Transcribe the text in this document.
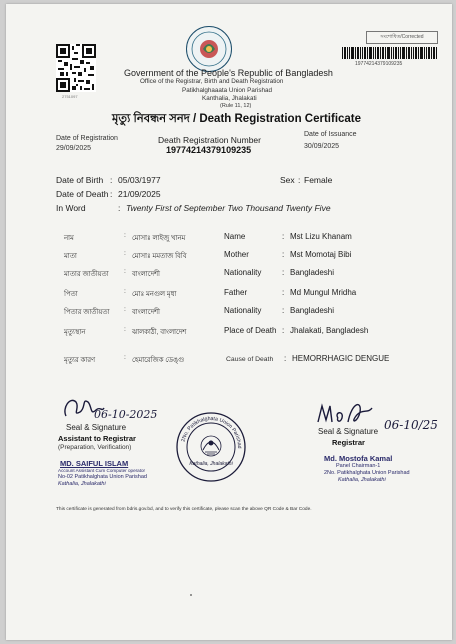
2751097
সংশোধিত/Corrected
19774214379109235
Government of the People's Republic of Bangladesh
Office of the Registrar, Birth and Death Registration
Patikhalghaaata Union Parishad
Kanthalia, Jhalakati
(Rule 11, 12)
মৃত্যু নিবন্ধন সনদ / Death Registration Certificate
Date of Registration
29/09/2025
Death Registration Number
19774214379109235
Date of Issuance
30/09/2025
Date of Birth : 05/03/1977	Sex : Female
Date of Death : 21/09/2025
In Word	: Twenty First of September Two Thousand Twenty Five
নাম	: মোসাঃ লাইজু খানম	Name	: Mst Lizu Khanam
মাতা	: মোসাঃ মমতাজ বিবি	Mother	: Mst Momotaj Bibi
মাতার জাতীয়তা : বাংলাদেশী	Nationality	: Bangladeshi
পিতা	: মোঃ মনগুল মৃধা	Father	: Md Mungul Mridha
পিতার জাতীয়তা : বাংলাদেশী	Nationality	: Bangladeshi
মৃত্যুস্থান	: ঝালকাঠী, বাংলাদেশ	Place of Death : Jhalakati, Bangladesh
মৃত্যুর কারণ	: হেমারেজিক ডেঙ্গু	Cause of Death : HEMORRHAGIC DENGUE
06-10-2025
Seal & Signature
Assistant to Registrar
(Preparation, Verification)
MD. SAIFUL ISLAM
Account Assistant Cum Computer operator
No-02 Patikhalghata Union Parishad
Kathalia, Jhalakathi
2No. Patikhalghata Union Parishad
Kathalia, Jhalakathi
06-10/25
Seal & Signature
Registrar
Md. Mostofa Kamal
Panel Chairman-1
2No. Patikhalghata Union Parishad
Kathalia, Jhalakathi
This certificate is generated from bdris.gov.bd, and to verify this certificate, please scan the above QR Code & Bar Code.
